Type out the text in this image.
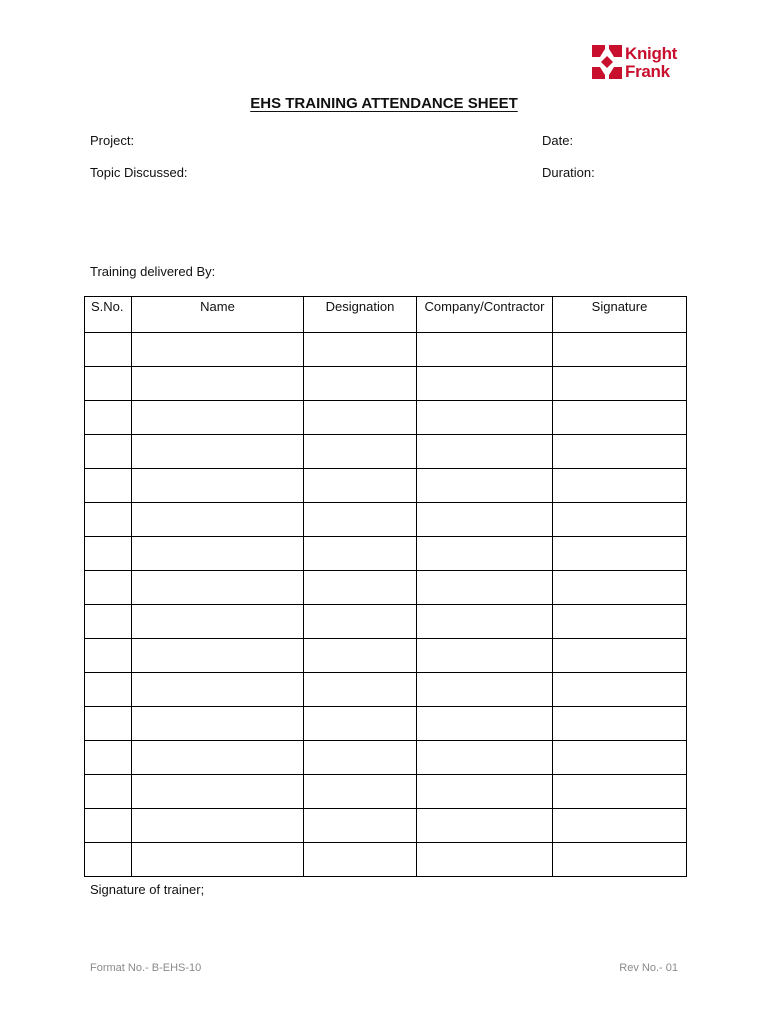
Knight
Frank
EHS TRAINING ATTENDANCE SHEET
Project:	Date:
Topic Discussed:	Duration:
Training delivered By:
S.No.	Name	Designation	Company/Contractor	Signature

Signature of trainer;
Format No.- B-EHS-10	Rev No.- 01
